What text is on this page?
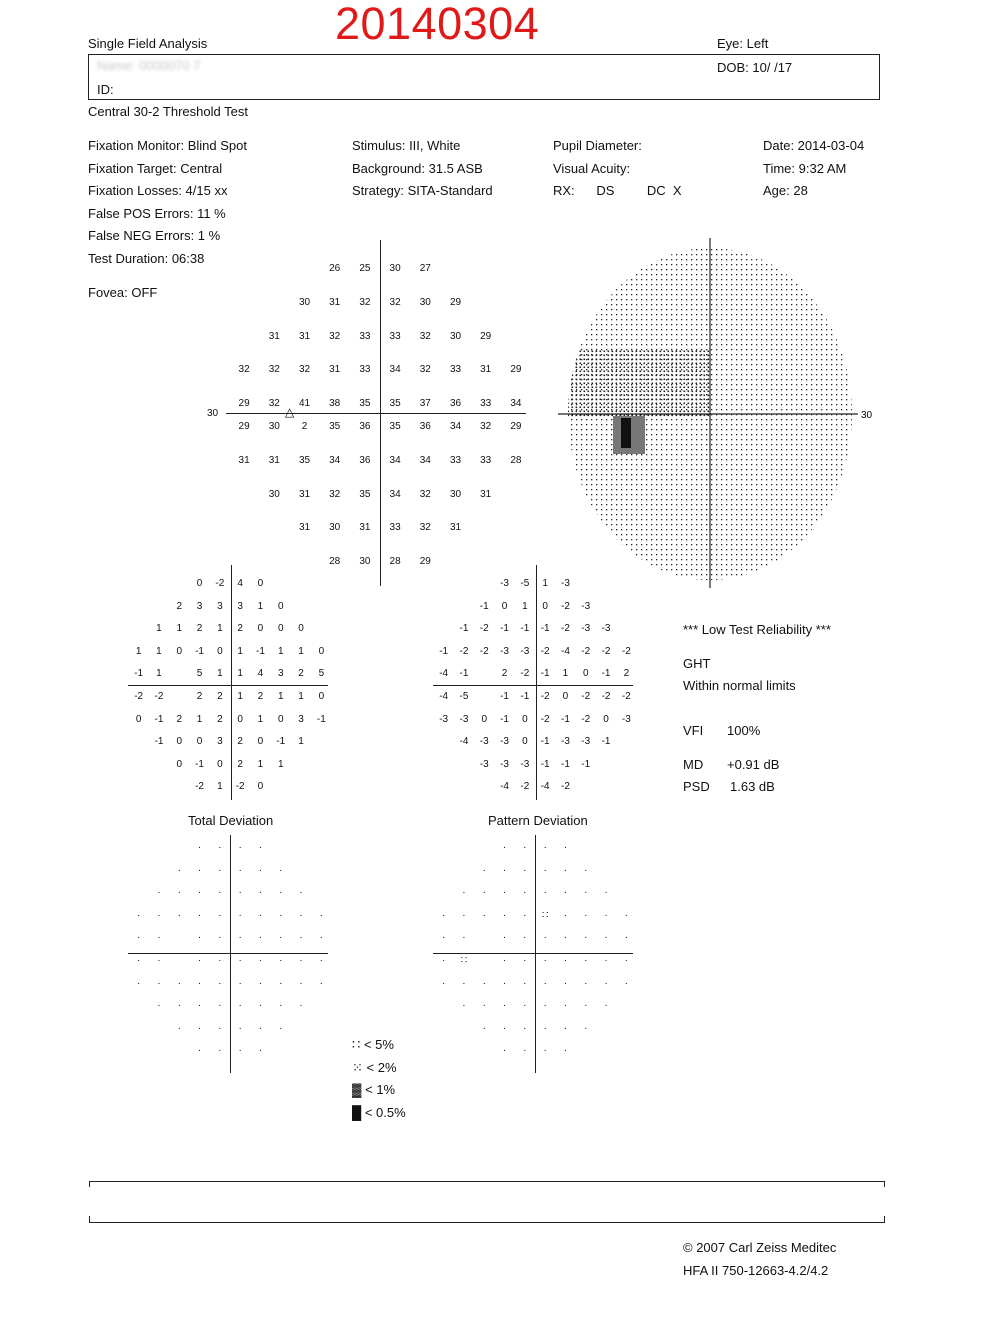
20140304
Single Field Analysis	Eye: Left
Name: 0000070 7
ID:
DOB: 10/ /17
Central 30-2 Threshold Test
Fixation Monitor: Blind Spot
Fixation Target: Central
Fixation Losses: 4/15 xx
False POS Errors: 11 %
False NEG Errors: 1 %
Test Duration: 06:38
Fovea: OFF
Stimulus: III, White
Background: 31.5 ASB
Strategy: SITA-Standard
Pupil Diameter:
Visual Acuity:
RX:      DS         DC  X
Date: 2014-03-04
Time: 9:32 AM
Age: 28
30	△
26 25 30 27
30 31 32 32 30 29
31 31 32 33 33 32 30 29
32 32 32 31 33 34 32 33 31 29
29 32 41 38 35 35 37 36 33 34
29 30 2 35 36 35 36 34 32 29
31 31 35 34 36 34 34 33 33 28
30 31 32 35 34 32 30 31
31 30 31 33 32 31
28 30 28 29
30
0 -2 4 0
2 3 3 3 1 0
1 1 2 1 2 0 0 0
1 1 0 -1 0 1 -1 1 1 0
-1 1	5 1 1 4 3 2 5
-2 -2	2 2 1 2 1 1 0
0 -1 2 1 2 0 1 0 3 -1
-1 0 0 3 2 0 -1 1
0 -1 0 2 1 1
-2 1 -2 0
Total Deviation
-3 -5 1 -3
-1 0 1 0 -2 -3
-1 -2 -1 -1 -1 -2 -3 -3
-1 -2 -2 -3 -3 -2 -4 -2 -2 -2
-4 -1	2 -2 -1 1 0 -1 2
-4 -5	-1 -1 -2 0 -2 -2 -2
-3 -3 0 -1 0 -2 -1 -2 0 -3
-4 -3 -3 0 -1 -3 -3 -1
-3 -3 -3 -1 -1 -1
-4 -2 -4 -2
Pattern Deviation
· · · ·
· · · · · ·
· · · · · · · ·
· · · · · · · · · ·
· ·	· · · · · · ·
· ·	· · · · · · ·
· · · · · · · · · ·
· · · · · · · ·
· · · · · ·
· · · ·
· · · ·
· · · · · ·
· · · · · · · ·
· · · · · ∷ · · · ·
· ·	· · · · · · ·
· ∷	· · · · · · ·
· · · · · · · · · ·
· · · · · · · ·
· · · · · ·
· · · ·
*** Low Test Reliability ***
GHT
Within normal limits
VFI 100%
MD +0.91 dB
PSD 1.63 dB
∷ < 5%
⁙ < 2%
▓ < 1%
█ < 0.5%
© 2007 Carl Zeiss Meditec
HFA II 750-12663-4.2/4.2
